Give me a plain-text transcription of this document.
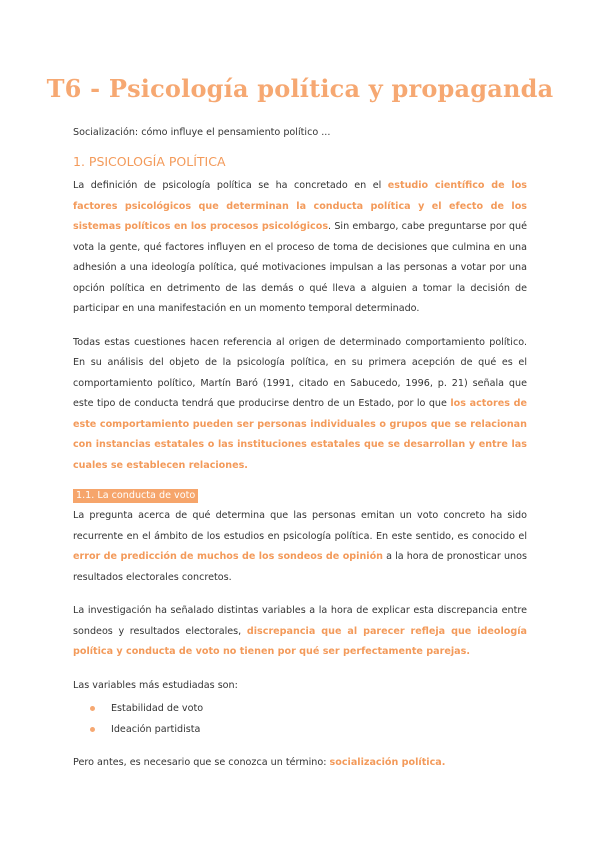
T6 - Psicología política y propaganda

Socialización: cómo influye el pensamiento político ...

1. PSICOLOGÍA POLÍTICA

La definición de psicología política se ha concretado en el estudio científico de los factores psicológicos que determinan la conducta política y el efecto de los sistemas políticos en los procesos psicológicos. Sin embargo, cabe preguntarse por qué vota la gente, qué factores influyen en el proceso de toma de decisiones que culmina en una adhesión a una ideología política, qué motivaciones impulsan a las personas a votar por una opción política en detrimento de las demás o qué lleva a alguien a tomar la decisión de participar en una manifestación en un momento temporal determinado.

Todas estas cuestiones hacen referencia al origen de determinado comportamiento político. En su análisis del objeto de la psicología política, en su primera acepción de qué es el comportamiento político, Martín Baró (1991, citado en Sabucedo, 1996, p. 21) señala que este tipo de conducta tendrá que producirse dentro de un Estado, por lo que los actores de este comportamiento pueden ser personas individuales o grupos que se relacionan con instancias estatales o las instituciones estatales que se desarrollan y entre las cuales se establecen relaciones.

1.1. La conducta de voto

La pregunta acerca de qué determina que las personas emitan un voto concreto ha sido recurrente en el ámbito de los estudios en psicología política. En este sentido, es conocido el error de predicción de muchos de los sondeos de opinión a la hora de pronosticar unos resultados electorales concretos.

La investigación ha señalado distintas variables a la hora de explicar esta discrepancia entre sondeos y resultados electorales, discrepancia que al parecer refleja que ideología política y conducta de voto no tienen por qué ser perfectamente parejas.

Las variables más estudiadas son:

Estabilidad de voto
Ideación partidista

Pero antes, es necesario que se conozca un término: socialización política.
